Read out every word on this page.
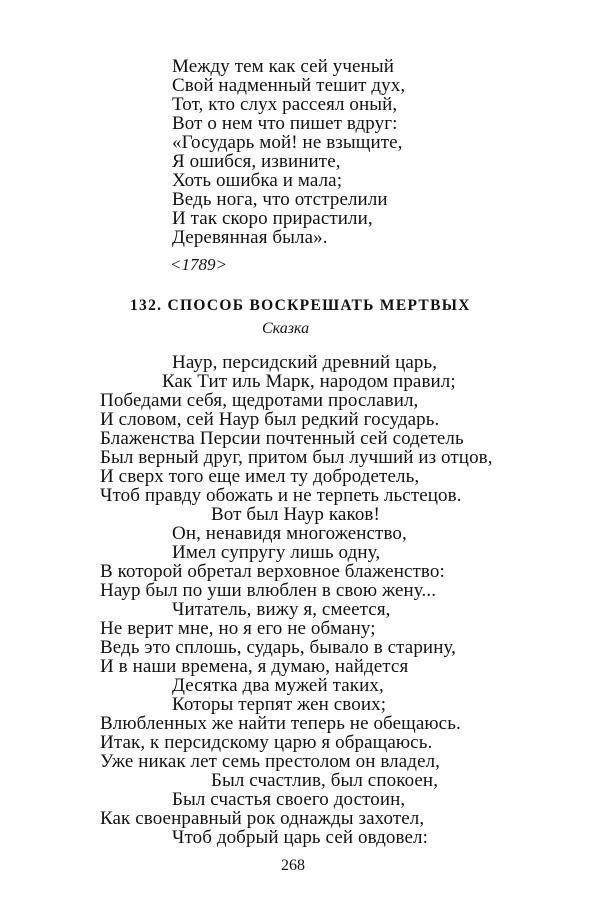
Между тем как сей ученый
Свой надменный тешит дух,
Тот, кто слух рассеял оный,
Вот о нем что пишет вдруг:
«Государь мой! не взыщите,
Я ошибся, извините,
Хоть ошибка и мала;
Ведь нога, что отстрелили
И так скоро прирастили,
Деревянная была».
<1789>
132. СПОСОБ ВОСКРЕШАТЬ МЕРТВЫХ
Сказка
Наур, персидский древний царь,
Как Тит иль Марк, народом правил;
Победами себя, щедротами прославил,
И словом, сей Наур был редкий государь.
Блаженства Персии почтенный сей содетель
Был верный друг, притом был лучший из отцов,
И сверх того еще имел ту добродетель,
Чтоб правду обожать и не терпеть льстецов.
Вот был Наур каков!
Он, ненавидя многоженство,
Имел супругу лишь одну,
В которой обретал верховное блаженство:
Наур был по уши влюблен в свою жену...
Читатель, вижу я, смеется,
Не верит мне, но я его не обману;
Ведь это сплошь, сударь, бывало в старину,
И в наши времена, я думаю, найдется
Десятка два мужей таких,
Которы терпят жен своих;
Влюбленных же найти теперь не обещаюсь.
Итак, к персидскому царю я обращаюсь.
Уже никак лет семь престолом он владел,
Был счастлив, был спокоен,
Был счастья своего достоин,
Как своенравный рок однажды захотел,
Чтоб добрый царь сей овдовел:
268
